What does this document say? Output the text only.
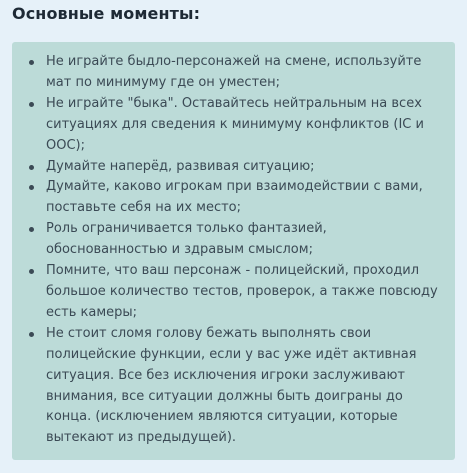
Основные моменты:
Не играйте быдло-персонажей на смене, используйте мат по минимуму где он уместен;
Не играйте "быка". Оставайтесь нейтральным на всех ситуациях для сведения к минимуму конфликтов (IC и ООС);
Думайте наперёд, развивая ситуацию;
Думайте, каково игрокам при взаимодействии с вами, поставьте себя на их место;
Роль ограничивается только фантазией, обоснованностью и здравым смыслом;
Помните, что ваш персонаж - полицейский, проходил большое количество тестов, проверок, а также повсюду есть камеры;
Не стоит сломя голову бежать выполнять свои полицейские функции, если у вас уже идёт активная ситуация. Все без исключения игроки заслуживают внимания, все ситуации должны быть доиграны до конца. (исключением являются ситуации, которые вытекают из предыдущей).
